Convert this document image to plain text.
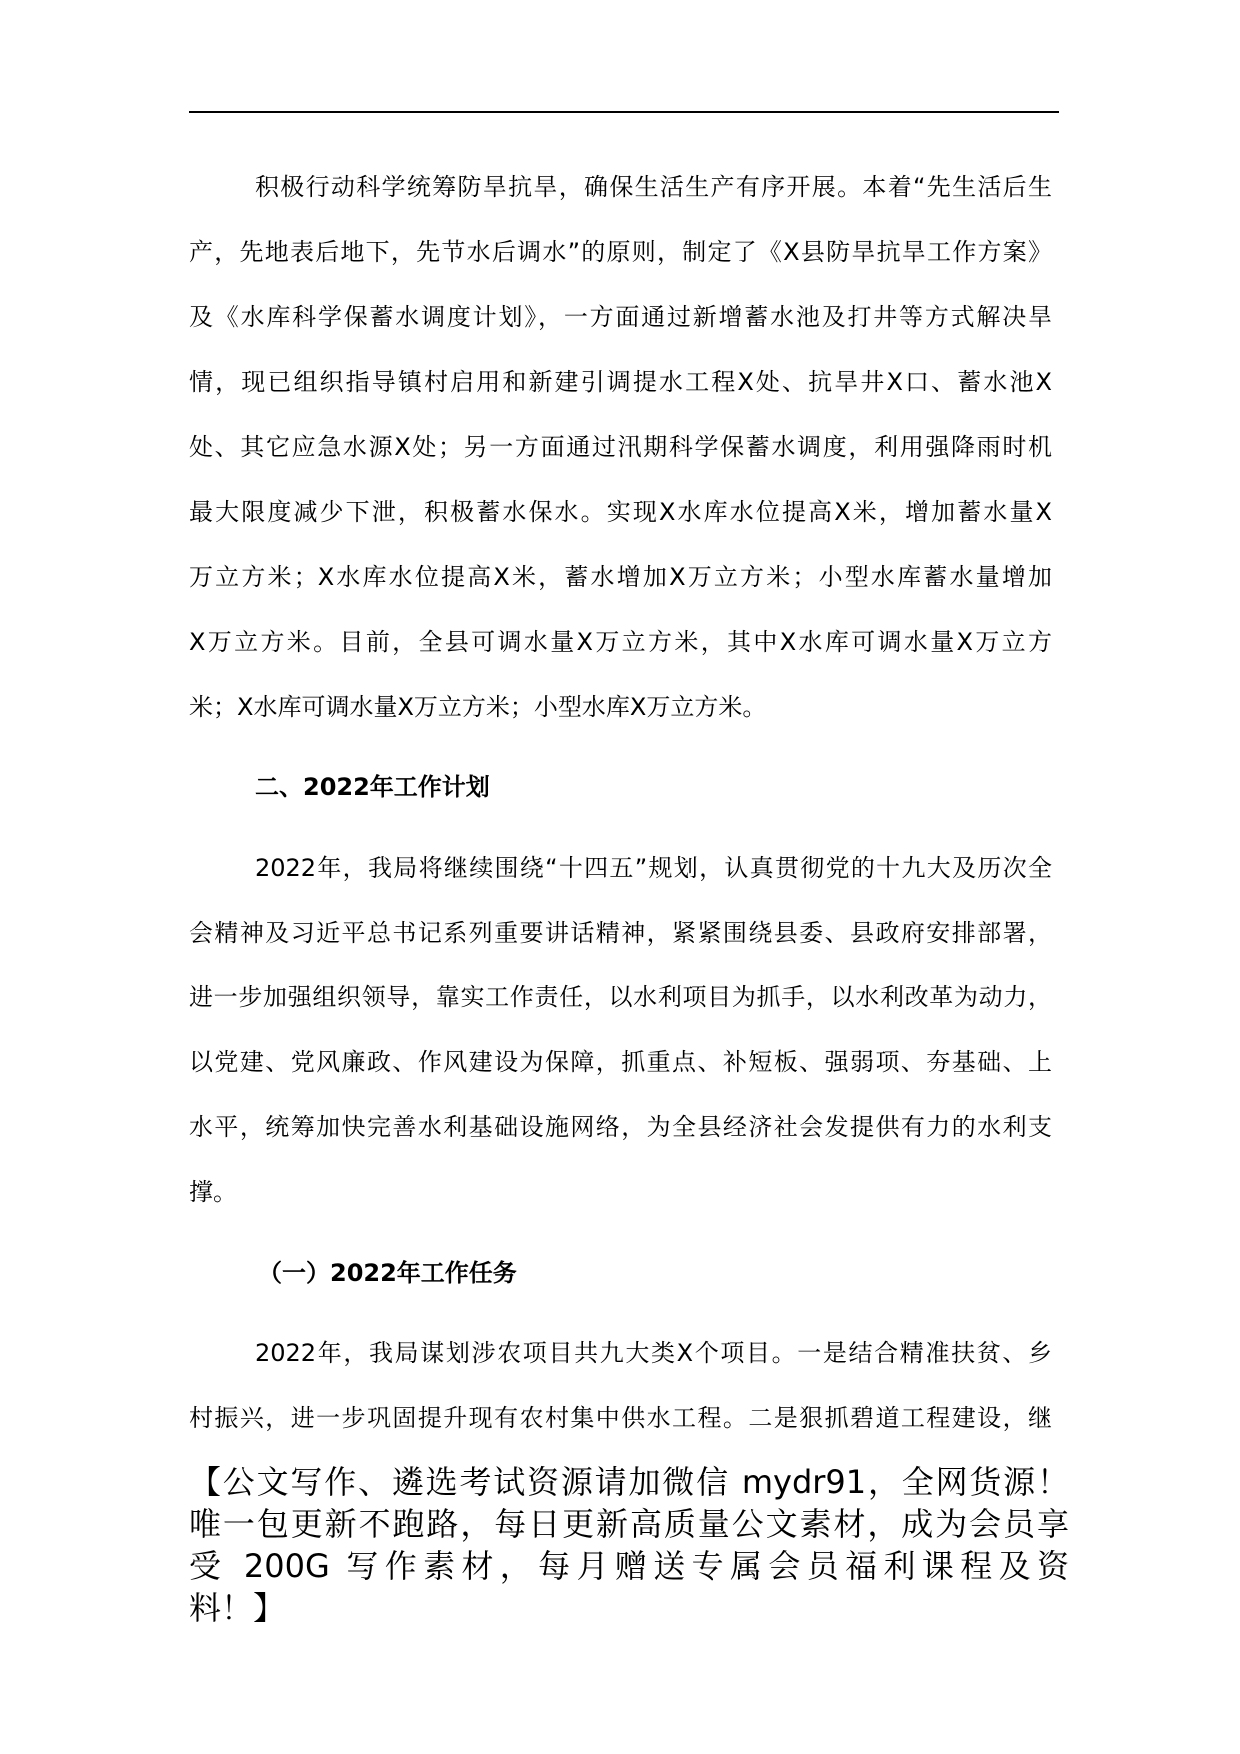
积极行动科学统筹防旱抗旱，确保生活生产有序开展。本着“先生活后生
产，先地表后地下，先节水后调水”的原则，制定了《X县防旱抗旱工作方案》
及《水库科学保蓄水调度计划》，一方面通过新增蓄水池及打井等方式解决旱
情，现已组织指导镇村启用和新建引调提水工程X处、抗旱井X口、蓄水池X
处、其它应急水源X处；另一方面通过汛期科学保蓄水调度，利用强降雨时机
最大限度减少下泄，积极蓄水保水。实现X水库水位提高X米，增加蓄水量X
万立方米；X水库水位提高X米，蓄水增加X万立方米；小型水库蓄水量增加
X万立方米。目前，全县可调水量X万立方米，其中X水库可调水量X万立方
米；X水库可调水量X万立方米；小型水库X万立方米。
二、2022年工作计划
2022年，我局将继续围绕“十四五”规划，认真贯彻党的十九大及历次全
会精神及习近平总书记系列重要讲话精神，紧紧围绕县委、县政府安排部署，
进一步加强组织领导，靠实工作责任，以水利项目为抓手，以水利改革为动力，
以党建、党风廉政、作风建设为保障，抓重点、补短板、强弱项、夯基础、上
水平，统筹加快完善水利基础设施网络，为全县经济社会发提供有力的水利支
撑。
（一）2022年工作任务
2022年，我局谋划涉农项目共九大类X个项目。一是结合精准扶贫、乡
村振兴，进一步巩固提升现有农村集中供水工程。二是狠抓碧道工程建设，继
【公文写作、遴选考试资源请加微信 mydr91，全网货源！
唯一包更新不跑路，每日更新高质量公文素材，成为会员享
受 200G 写作素材，每月赠送专属会员福利课程及资
料！】
